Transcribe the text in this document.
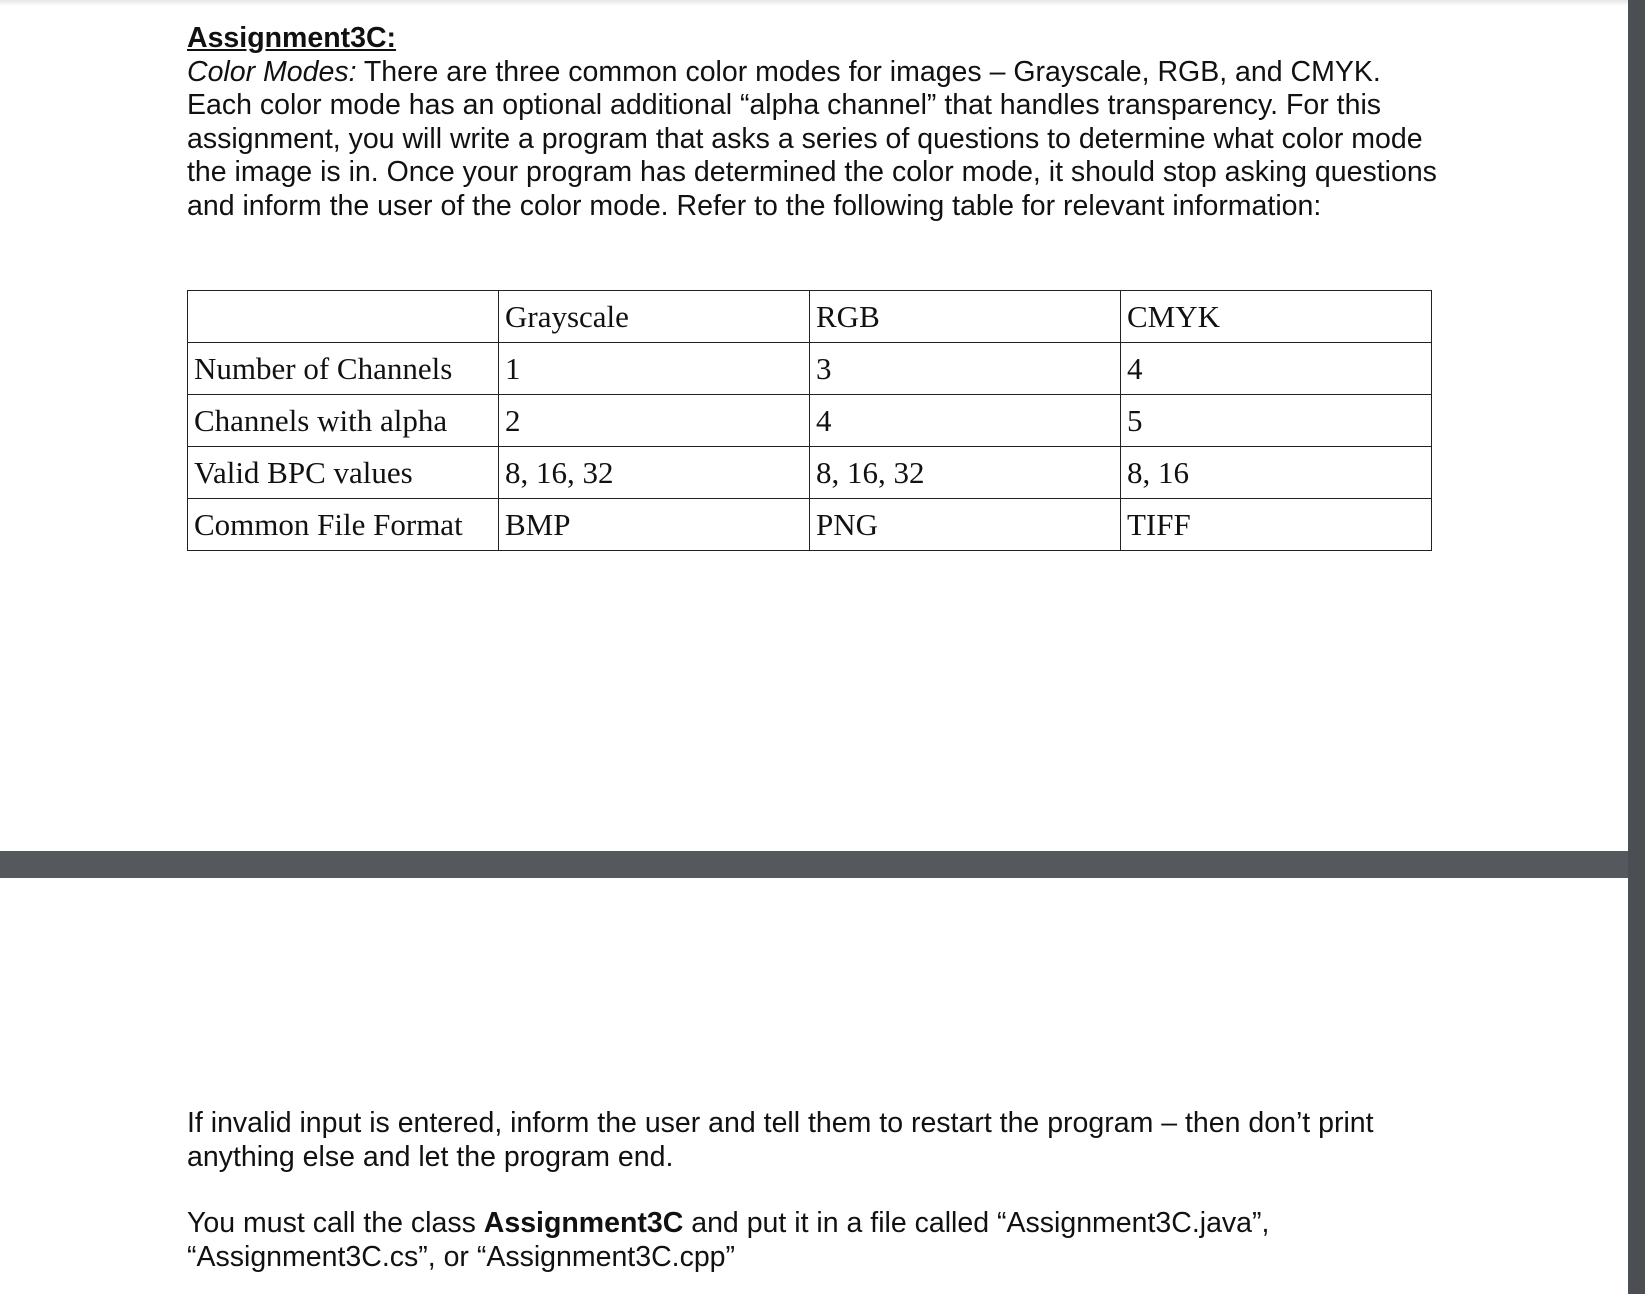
Assignment3C:

Color Modes: There are three common color modes for images – Grayscale, RGB, and CMYK. Each color mode has an optional additional “alpha channel” that handles transparency. For this assignment, you will write a program that asks a series of questions to determine what color mode the image is in. Once your program has determined the color mode, it should stop asking questions and inform the user of the color mode. Refer to the following table for relevant information:

	Grayscale	RGB	CMYK
Number of Channels	1	3	4
Channels with alpha	2	4	5
Valid BPC values	8, 16, 32	8, 16, 32	8, 16
Common File Format	BMP	PNG	TIFF

If invalid input is entered, inform the user and tell them to restart the program – then don’t print anything else and let the program end.

You must call the class Assignment3C and put it in a file called “Assignment3C.java”, “Assignment3C.cs”, or “Assignment3C.cpp”
